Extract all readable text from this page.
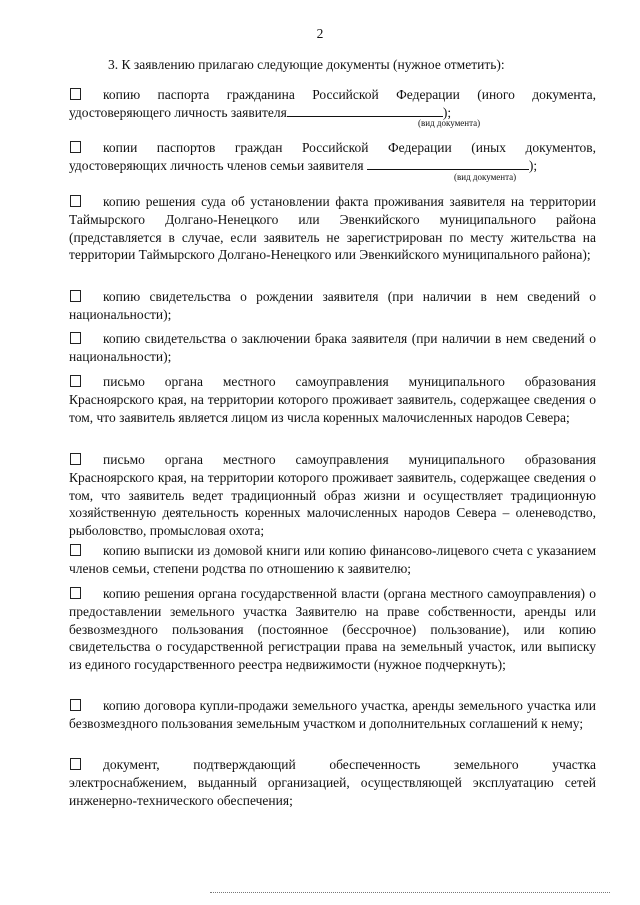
2
3. К заявлению прилагаю следующие документы (нужное отметить):
копию паспорта гражданина Российской Федерации (иного документа, удостоверяющего личность заявителя	);
(вид документа)
копии паспортов граждан Российской Федерации (иных документов, удостоверяющих личность членов семьи заявителя	);
(вид документа)
копию решения суда об установлении факта проживания заявителя на территории Таймырского Долгано-Ненецкого или Эвенкийского муниципального района (представляется в случае, если заявитель не зарегистрирован по месту жительства на территории Таймырского Долгано-Ненецкого или Эвенкийского муниципального района);
копию свидетельства о рождении заявителя (при наличии в нем сведений о национальности);
копию свидетельства о заключении брака заявителя (при наличии в нем сведений о национальности);
письмо органа местного самоуправления муниципального образования Красноярского края, на территории которого проживает заявитель, содержащее сведения о том, что заявитель является лицом из числа коренных малочисленных народов Севера;
письмо органа местного самоуправления муниципального образования Красноярского края, на территории которого проживает заявитель, содержащее сведения о том, что заявитель ведет традиционный образ жизни и осуществляет традиционную хозяйственную деятельность коренных малочисленных народов Севера – оленеводство, рыболовство, промысловая охота;
копию выписки из домовой книги или копию финансово-лицевого счета с указанием членов семьи, степени родства по отношению к заявителю;
копию решения органа государственной власти (органа местного самоуправления) о предоставлении земельного участка Заявителю на праве собственности, аренды или безвозмездного пользования (постоянное (бессрочное) пользование), или копию свидетельства о государственной регистрации права на земельный участок, или выписку из единого государственного реестра недвижимости (нужное подчеркнуть);
копию договора купли-продажи земельного участка, аренды земельного участка или безвозмездного пользования земельным участком и дополнительных соглашений к нему;
документ, подтверждающий обеспеченность земельного участка электроснабжением, выданный организацией, осуществляющей эксплуатацию сетей инженерно-технического обеспечения;
